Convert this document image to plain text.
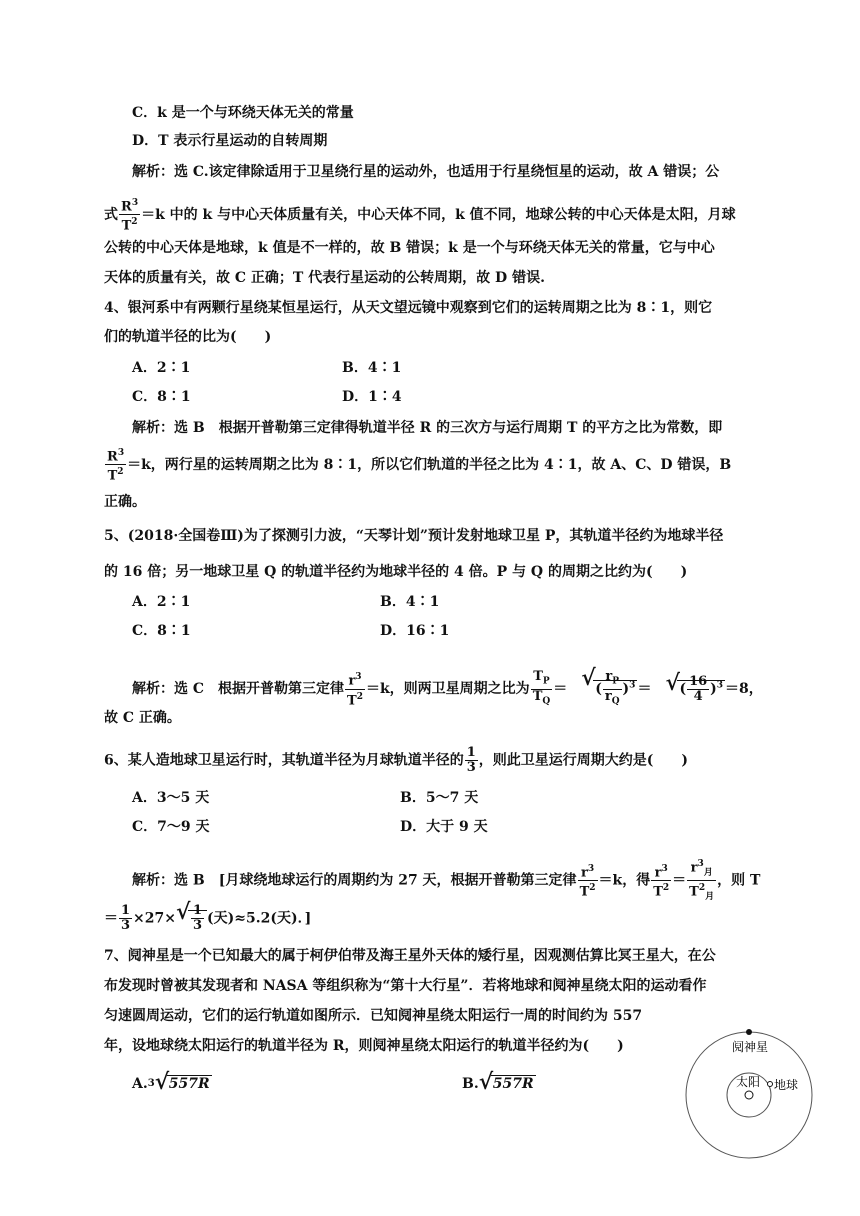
C．k 是一个与环绕天体无关的常量
D．T 表示行星运动的自转周期
解析：选 C.该定律除适用于卫星绕行星的运动外，也适用于行星绕恒星的运动，故 A 错误；公
式 $\frac{R^3}{T^2} =k$ 中的 k 与中心天体质量有关，中心天体不同，k 值不同，地球公转的中心天体是太阳，月球
公转的中心天体是地球，k 值是不一样的，故 B 错误；k 是一个与环绕天体无关的常量，它与中心
天体的质量有关，故 C 正确；T 代表行星运动的公转周期，故 D 错误.
4、银河系中有两颗行星绕某恒星运行，从天文望远镜中观察到它们的运转周期之比为 8∶1，则它
们的轨道半径的比为(　　)
A．2∶1	B．4∶1
C．8∶1	D．1∶4
解析：选 B　根据开普勒第三定律得轨道半径 R 的三次方与运行周期 T 的平方之比为常数，即
$\frac{R^3}{T^2} =k$，两行星的运转周期之比为 8∶1，所以它们轨道的半径之比为 4∶1，故 A、C、D 错误，B
正确。
5、(2018·全国卷Ⅲ)为了探测引力波，“天琴计划”预计发射地球卫星 P，其轨道半径约为地球半径
的 16 倍；另一地球卫星 Q 的轨道半径约为地球半径的 4 倍。P 与 Q 的周期之比约为(　　)
A．2∶1	B．4∶1
C．8∶1	D．16∶1
解析：选 C　根据开普勒第三定律 $\frac{r^3}{T^2} =k$，则两卫星周期之比为 $\frac{T_P}{T_Q}$ ＝　√ ( $\frac{r_P}{r_Q} )^3$ ＝　√ ( $\frac{16}{4} )^3 =8$，
故 C 正确。
6、某人造地球卫星运行时，其轨道半径为月球轨道半径的 $\frac{1}{3}$ ，则此卫星运行周期大约是(　　)
A．3～5 天	B．5～7 天
C．7～9 天	D．大于 9 天
解析：选 B　[月球绕地球运行的周期约为 27 天，根据开普勒第三定律 $\frac{r^3}{T^2} =k$，得 $\frac{r^3}{T^2} = \frac{r^3_月}{T^2_月}$ ，则 T
＝ $\frac{1}{3} \times 27\times$ √ $\frac{1}{3}$ (天)≈5.2(天)．]
7、阋神星是一个已知最大的属于柯伊伯带及海王星外天体的矮行星，因观测估算比冥王星大，在公
布发现时曾被其发现者和 NASA 等组织称为“第十大行星”．若将地球和阋神星绕太阳的运动看作
匀速圆周运动，它们的运行轨道如图所示．已知阋神星绕太阳运行一周的时间约为 557
年，设地球绕太阳运行的轨道半径为 R，则阋神星绕太阳运行的轨道半径约为(　　)
A.$^3$ √ 557R	B. √ 557R
阋神星
太阳 地球
